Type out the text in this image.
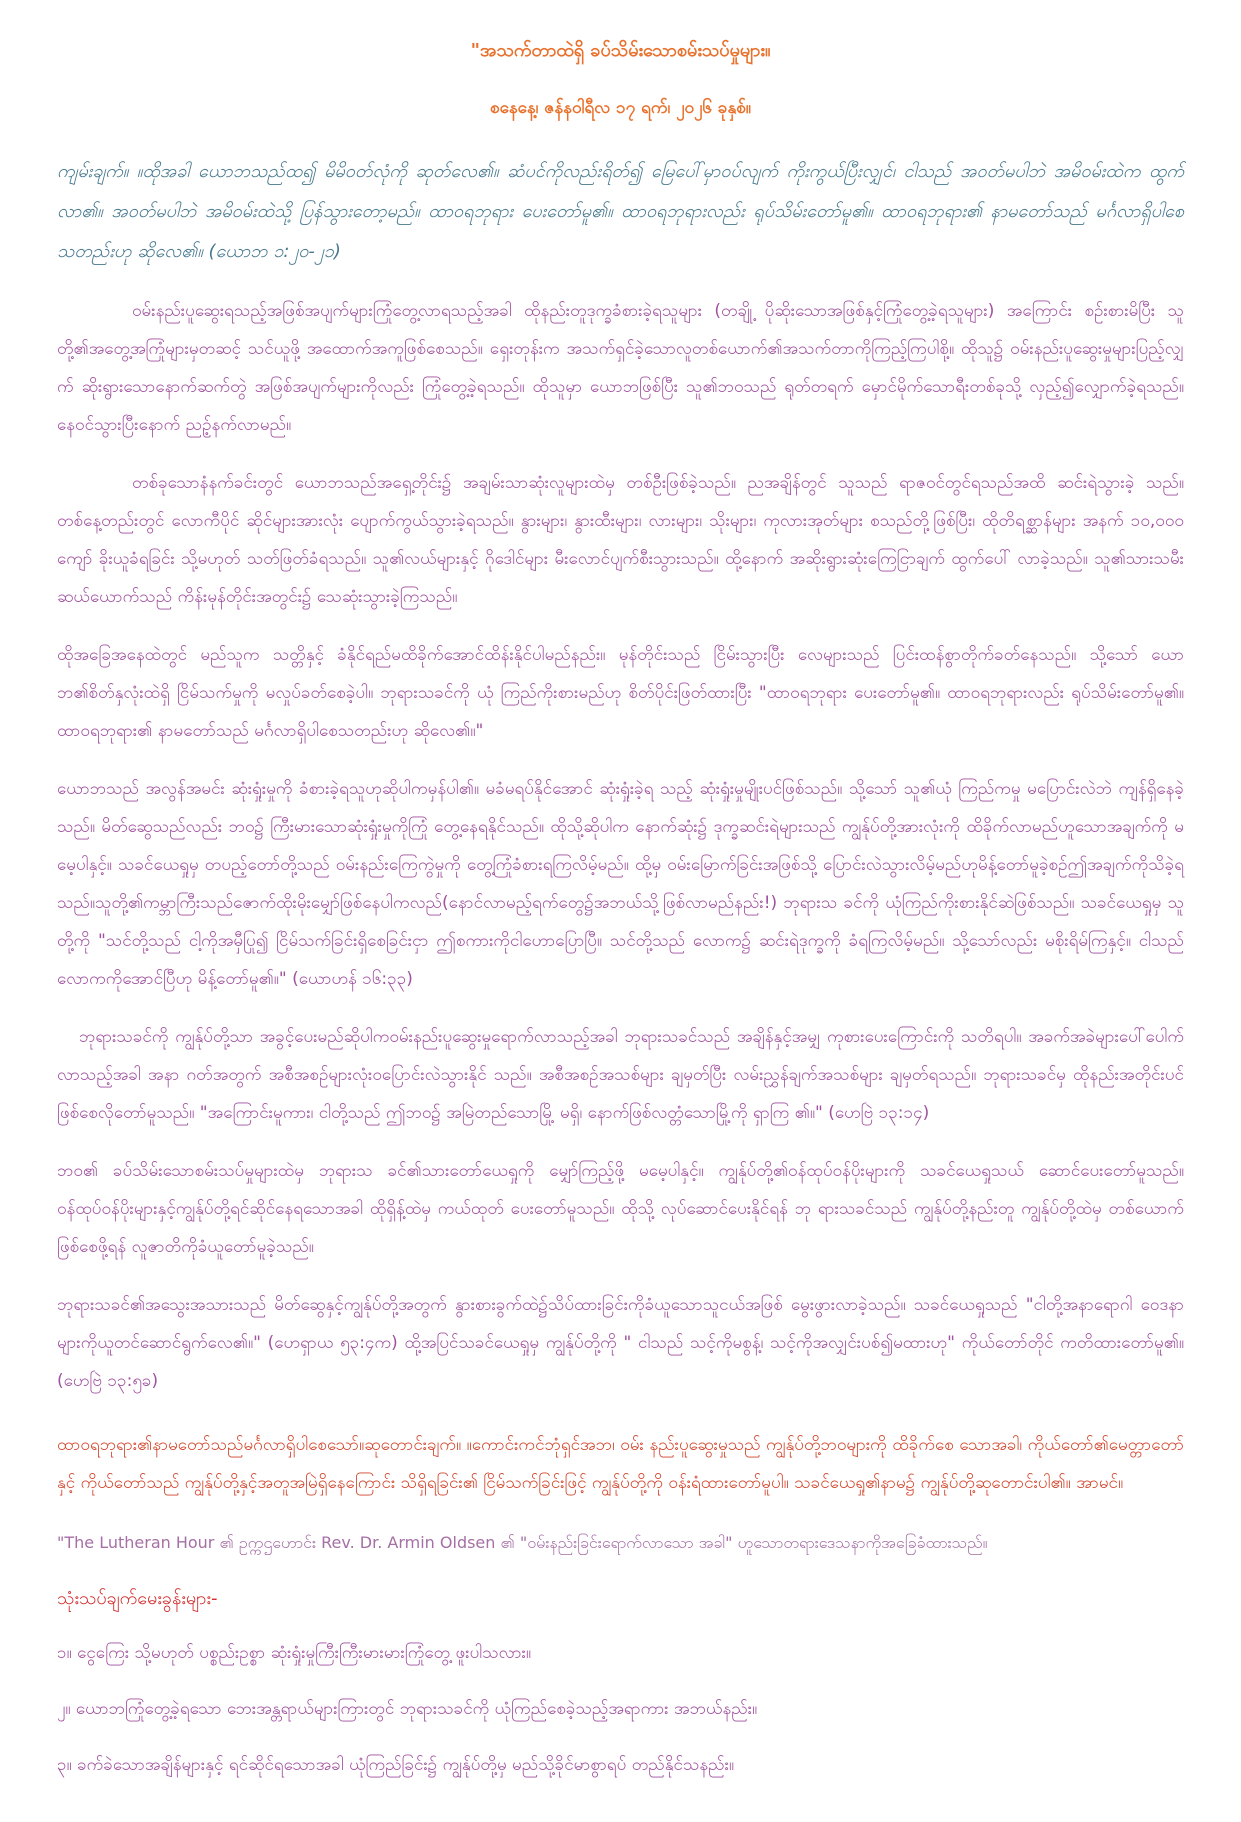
"အသက်တာထဲရှိ ခပ်သိမ်းသောစမ်းသပ်မှုများ။
စနေနေ့၊ ဇန်နဝါရီလ ၁၇ ရက်၊ ၂၀၂၆ ခုနှစ်။

ကျမ်းချက်။ ။ထိုအခါ ယောဘသည်ထ၍ မိမိဝတ်လုံကို ဆုတ်လေ၏။ ဆံပင်ကိုလည်းရိတ်၍ မြေပေါ်မှာဝပ်လျက် ကိုးကွယ်ပြီးလျှင်၊ ငါသည် အဝတ်မပါဘဲ အမိဝမ်းထဲက ထွက်လာ၏။ အဝတ်မပါဘဲ အမိဝမ်းထဲသို့ ပြန်သွားတော့မည်။ ထာဝရဘုရား ပေးတော်မူ၏။ ထာဝရဘုရားလည်း ရုပ်သိမ်းတော်မူ၏။ ထာဝရဘုရား၏ နာမတော်သည် မင်္ဂလာရှိပါစေသတည်းဟု ဆိုလေ၏။ (ယောဘ ၁:၂၀-၂၁)

ဝမ်းနည်းပူဆွေးရသည့်အဖြစ်အပျက်များကြုံတွေ့လာရသည့်အခါ ထိုနည်းတူဒုက္ခခံစားခဲ့ရသူများ (တချို့ ပိုဆိုးသောအဖြစ်နှင့်ကြုံတွေ့ခဲ့ရသူများ) အကြောင်း စဉ်းစားမိပြီး သူတို့၏အတွေ့အကြုံများမှတဆင့် သင်ယူဖို့ အထောက်အကူဖြစ်စေသည်။ ရှေးတုန်းက အသက်ရှင်ခဲ့သောလူတစ်ယောက်၏အသက်တာကိုကြည့်ကြပါစို့။ ထိုသူ၌ ဝမ်းနည်းပူဆွေးမှုများပြည့်လျှက် ဆိုးရွားသောနောက်ဆက်တွဲ အဖြစ်အပျက်များကိုလည်း ကြုံတွေ့ခဲ့ရသည်။ ထိုသူမှာ ယောဘဖြစ်ပြီး သူ၏ဘဝသည် ရုတ်တရက် မှောင်မိုက်သောရီးတစ်ခုသို့ လှည့်၍လျှောက်ခဲ့ရသည်။ နေဝင်သွားပြီးနောက် ညဉ့်နက်လာမည်။

တစ်ခုသောနံနက်ခင်းတွင် ယောဘသည်အရှေ့တိုင်း၌ အချမ်းသာဆုံးလူများထဲမှ တစ်ဦးဖြစ်ခဲ့သည်။ ညအချိန်တွင် သူသည် ရာဇဝင်တွင်ရသည်အထိ ဆင်းရဲသွားခဲ့ သည်။ တစ်နေ့တည်းတွင် လောကီပိုင် ဆိုင်များအားလုံး ပျောက်ကွယ်သွားခဲ့ရသည်။ နွားများ၊ နွားထီးများ၊ လားများ၊ သိုးများ၊ ကုလားအုတ်များ စသည်တို့ဖြစ်ပြီး၊ ထိုတိရစ္ဆာန်များ အနက် ၁၀,၀၀၀ ကျော် ခိုးယူခံရခြင်း သို့မဟုတ် သတ်ဖြတ်ခံရသည်။ သူ၏လယ်များနှင့် ဂိုဒေါင်များ မီးလောင်ပျက်စီးသွားသည်။ ထို့နောက် အဆိုးရွားဆုံးကြေငြာချက် ထွက်ပေါ် လာခဲ့သည်။ သူ၏သားသမီးဆယ်ယောက်သည် ကိန်းမုန်တိုင်းအတွင်း၌ သေဆုံးသွားခဲ့ကြသည်။

ထိုအခြေအနေထဲတွင် မည်သူက သတ္တိနှင့် ခံနိုင်ရည်မထိခိုက်အောင်ထိန်းနိုင်ပါမည်နည်း။ မုန်တိုင်းသည် ငြိမ်းသွားပြီး လေများသည် ပြင်းထန်စွာတိုက်ခတ်နေသည်။ သို့သော် ယောဘ၏စိတ်နှလုံးထဲရှိ ငြိမ်သက်မှုကို မလှုပ်ခတ်စေခဲ့ပါ။ ဘုရားသခင်ကို ယုံ ကြည်ကိုးစားမည်ဟု စိတ်ပိုင်းဖြတ်ထားပြီး "ထာဝရဘုရား ပေးတော်မူ၏။ ထာဝရဘုရားလည်း ရုပ်သိမ်းတော်မူ၏။ ထာဝရဘုရား၏ နာမတော်သည် မင်္ဂလာရှိပါစေသတည်းဟု ဆိုလေ၏။"

ယောဘသည် အလွန်အမင်း ဆုံးရှုံးမှုကို ခံစားခဲ့ရသူဟုဆိုပါကမှန်ပါ၏။ မခံမရပ်နိုင်အောင် ဆုံးရှုံးခဲ့ရ သည့် ဆုံးရှုံးမှုမျိုးပင်ဖြစ်သည်။ သို့သော် သူ၏ယုံ ကြည်ကမှု မပြောင်းလဲဘဲ ကျန်ရှိနေခဲ့သည်။ မိတ်ဆွေသည်လည်း ဘဝ၌ ကြီးမားသောဆုံးရှုံးမှုကိုကြုံ တွေ့နေရနိုင်သည်။ ထိုသို့ဆိုပါက နောက်ဆုံး၌ ဒုက္ခဆင်းရဲများသည် ကျွန်ုပ်တို့အားလုံးကို ထိခိုက်လာမည်ဟူသောအချက်ကို မမေ့ပါနှင့်။ သခင်ယေရှုမှ တပည့်တော်တို့သည် ဝမ်းနည်းကြေကွဲမှုကို တွေ့ကြုံခံစားရကြလိမ့်မည်။ ထို့မှ ဝမ်းမြောက်ခြင်းအဖြစ်သို့ ပြောင်းလဲသွားလိမ့်မည်ဟုမိန့်တော်မူခဲ့စဉ်ဤအချက်ကိုသိခဲ့ရသည်။သူတို့၏ကမ္ဘာကြီးသည်ဇောက်ထိုးမိုးမျှော်ဖြစ်နေပါကလည်(နောင်လာမည့်ရက်တွေ၌အဘယ်သို့ဖြစ်လာမည်နည်း!) ဘုရားသ ခင်ကို ယုံကြည်ကိုးစားနိုင်ဆဲဖြစ်သည်။ သခင်ယေရှုမှ သူတို့ကို "သင်တို့သည် ငါ့ကိုအမှီပြု၍ ငြိမ်သက်ခြင်းရှိစေခြင်းငှာ ဤစကားကိုငါဟောပြောပြီ။ သင်တို့သည် လောက၌ ဆင်းရဲဒုက္ခကို ခံရကြလိမ့်မည်။ သို့သော်လည်း မစိုးရိမ်ကြနှင့်။ ငါသည် လောကကိုအောင်ပြီဟု မိန့်တော်မူ၏။" (ယောဟန် ၁၆:၃၃)

ဘုရားသခင်ကို ကျွန်ုပ်တို့သာ အခွင့်ပေးမည်ဆိုပါကဝမ်းနည်းပူဆွေးမှုရောက်လာသည့်အခါ ဘုရားသခင်သည် အချိန်နှင့်အမျှ ကုစားပေးကြောင်းကို သတိရပါ။ အခက်အခဲများပေါ်ပေါက်လာသည့်အခါ အနာ ဂတ်အတွက် အစီအစဉ်များလုံးဝပြောင်းလဲသွားနိုင် သည်။ အစီအစဉ်အသစ်များ ချမှတ်ပြီး လမ်းညွှန်ချက်အသစ်များ ချမှတ်ရသည်။ ဘုရားသခင်မှ ထိုနည်းအတိုင်းပင် ဖြစ်စေလိုတော်မူသည်။ "အကြောင်းမူကား၊ ငါတို့သည် ဤဘဝ၌ အမြဲတည်သောမြို့ မရှိ၊ နောက်ဖြစ်လတ္တံသောမြို့ကို ရှာကြ ၏။" (ဟေဗြဲ ၁၃:၁၄)

ဘဝ၏ ခပ်သိမ်းသောစမ်းသပ်မှုများထဲမှ ဘုရားသ ခင်၏သားတော်ယေရှုကို မျှော်ကြည့်ဖို့ မမေ့ပါနှင့်။ ကျွန်ုပ်တို့၏ဝန်ထုပ်ဝန်ပိုးများကို သခင်ယေရှုသယ် ဆောင်ပေးတော်မူသည်။ ဝန်ထုပ်ဝန်ပိုးများနှင့်ကျွန်ုပ်တို့ရင်ဆိုင်နေရသောအခါ ထိုရှိန့်ထဲမှ ကယ်ထုတ် ပေးတော်မူသည်။ ထိုသို့ လုပ်ဆောင်ပေးနိုင်ရန် ဘု ရားသခင်သည် ကျွန်ုပ်တို့နည်းတူ ကျွန်ုပ်တို့ထဲမှ တစ်ယောက်ဖြစ်စေဖို့ရန် လူဇာတိကိုခံယူတော်မူခဲ့သည်။

ဘုရားသခင်၏အသွေးအသားသည် မိတ်ဆွေနှင့်ကျွန်ုပ်တို့အတွက် နွားစားခွက်ထဲ၌သိပ်ထားခြင်းကိုခံယူသောသူငယ်အဖြစ် မွေးဖွားလာခဲ့သည်။ သခင်ယေရှုသည် "ငါတို့အနာရောဂါ ဝေဒနာများကိုယူတင်ဆောင်ရွက်လေ၏။" (ဟေရှာယ ၅၃:၄က) ထို့အပြင်သခင်ယေရှုမှ ကျွန်ုပ်တို့ကို " ငါသည် သင့်ကိုမစွန့်၊ သင့်ကိုအလျှင်းပစ်၍မထားဟု" ကိုယ်တော်တိုင် ကတိထားတော်မူ၏။(ဟေဗြဲ ၁၃:၅ခ)

ထာဝရဘုရား၏နာမတော်သည်မင်္ဂလာရှိပါစေသော်။ဆုတောင်းချက်။ ။ကောင်းကင်ဘုံရှင်အဘ၊ ဝမ်း နည်းပူဆွေးမှုသည် ကျွန်ုပ်တို့ဘဝများကို ထိခိုက်စေ သောအခါ၊ ကိုယ်တော်၏မေတ္တာတော်နှင့် ကိုယ်တော်သည် ကျွန်ုပ်တို့နှင့်အတူအမြဲရှိနေကြောင်း သိရှိရခြင်း၏ ငြိမ်သက်ခြင်းဖြင့် ကျွန်ုပ်တို့ကို ဝန်းရံထားတော်မူပါ။ သခင်ယေရှု၏နာမ၌ ကျွန်ုပ်တို့ဆုတောင်းပါ၏။ အာမင်။

"The Lutheran Hour ၏ ဥက္ကဌဟောင်း Rev. Dr. Armin Oldsen ၏ "ဝမ်းနည်းခြင်းရောက်လာသော အခါ" ဟူသောတရားဒေသနာကိုအခြေခံထားသည်။

သုံးသပ်ချက်မေးခွန်းများ-

၁။ ငွေကြေး သို့မဟုတ် ပစ္စည်းဥစ္စာ ဆုံးရှုံးမှုကြီးကြီးမားမားကြုံတွေ့ ဖူးပါသလား။

၂။ ယောဘကြုံတွေ့ခဲ့ရသော ဘေးအန္တရာယ်များကြားတွင် ဘုရားသခင်ကို ယုံကြည်စေခဲ့သည့်အရာကား အဘယ်နည်း။

၃။ ခက်ခဲသောအချိန်များနှင့် ရင်ဆိုင်ရသောအခါ ယုံကြည်ခြင်း၌ ကျွန်ုပ်တို့မှ မည်သို့ခိုင်မာစွာရပ် တည်နိုင်သနည်း။
